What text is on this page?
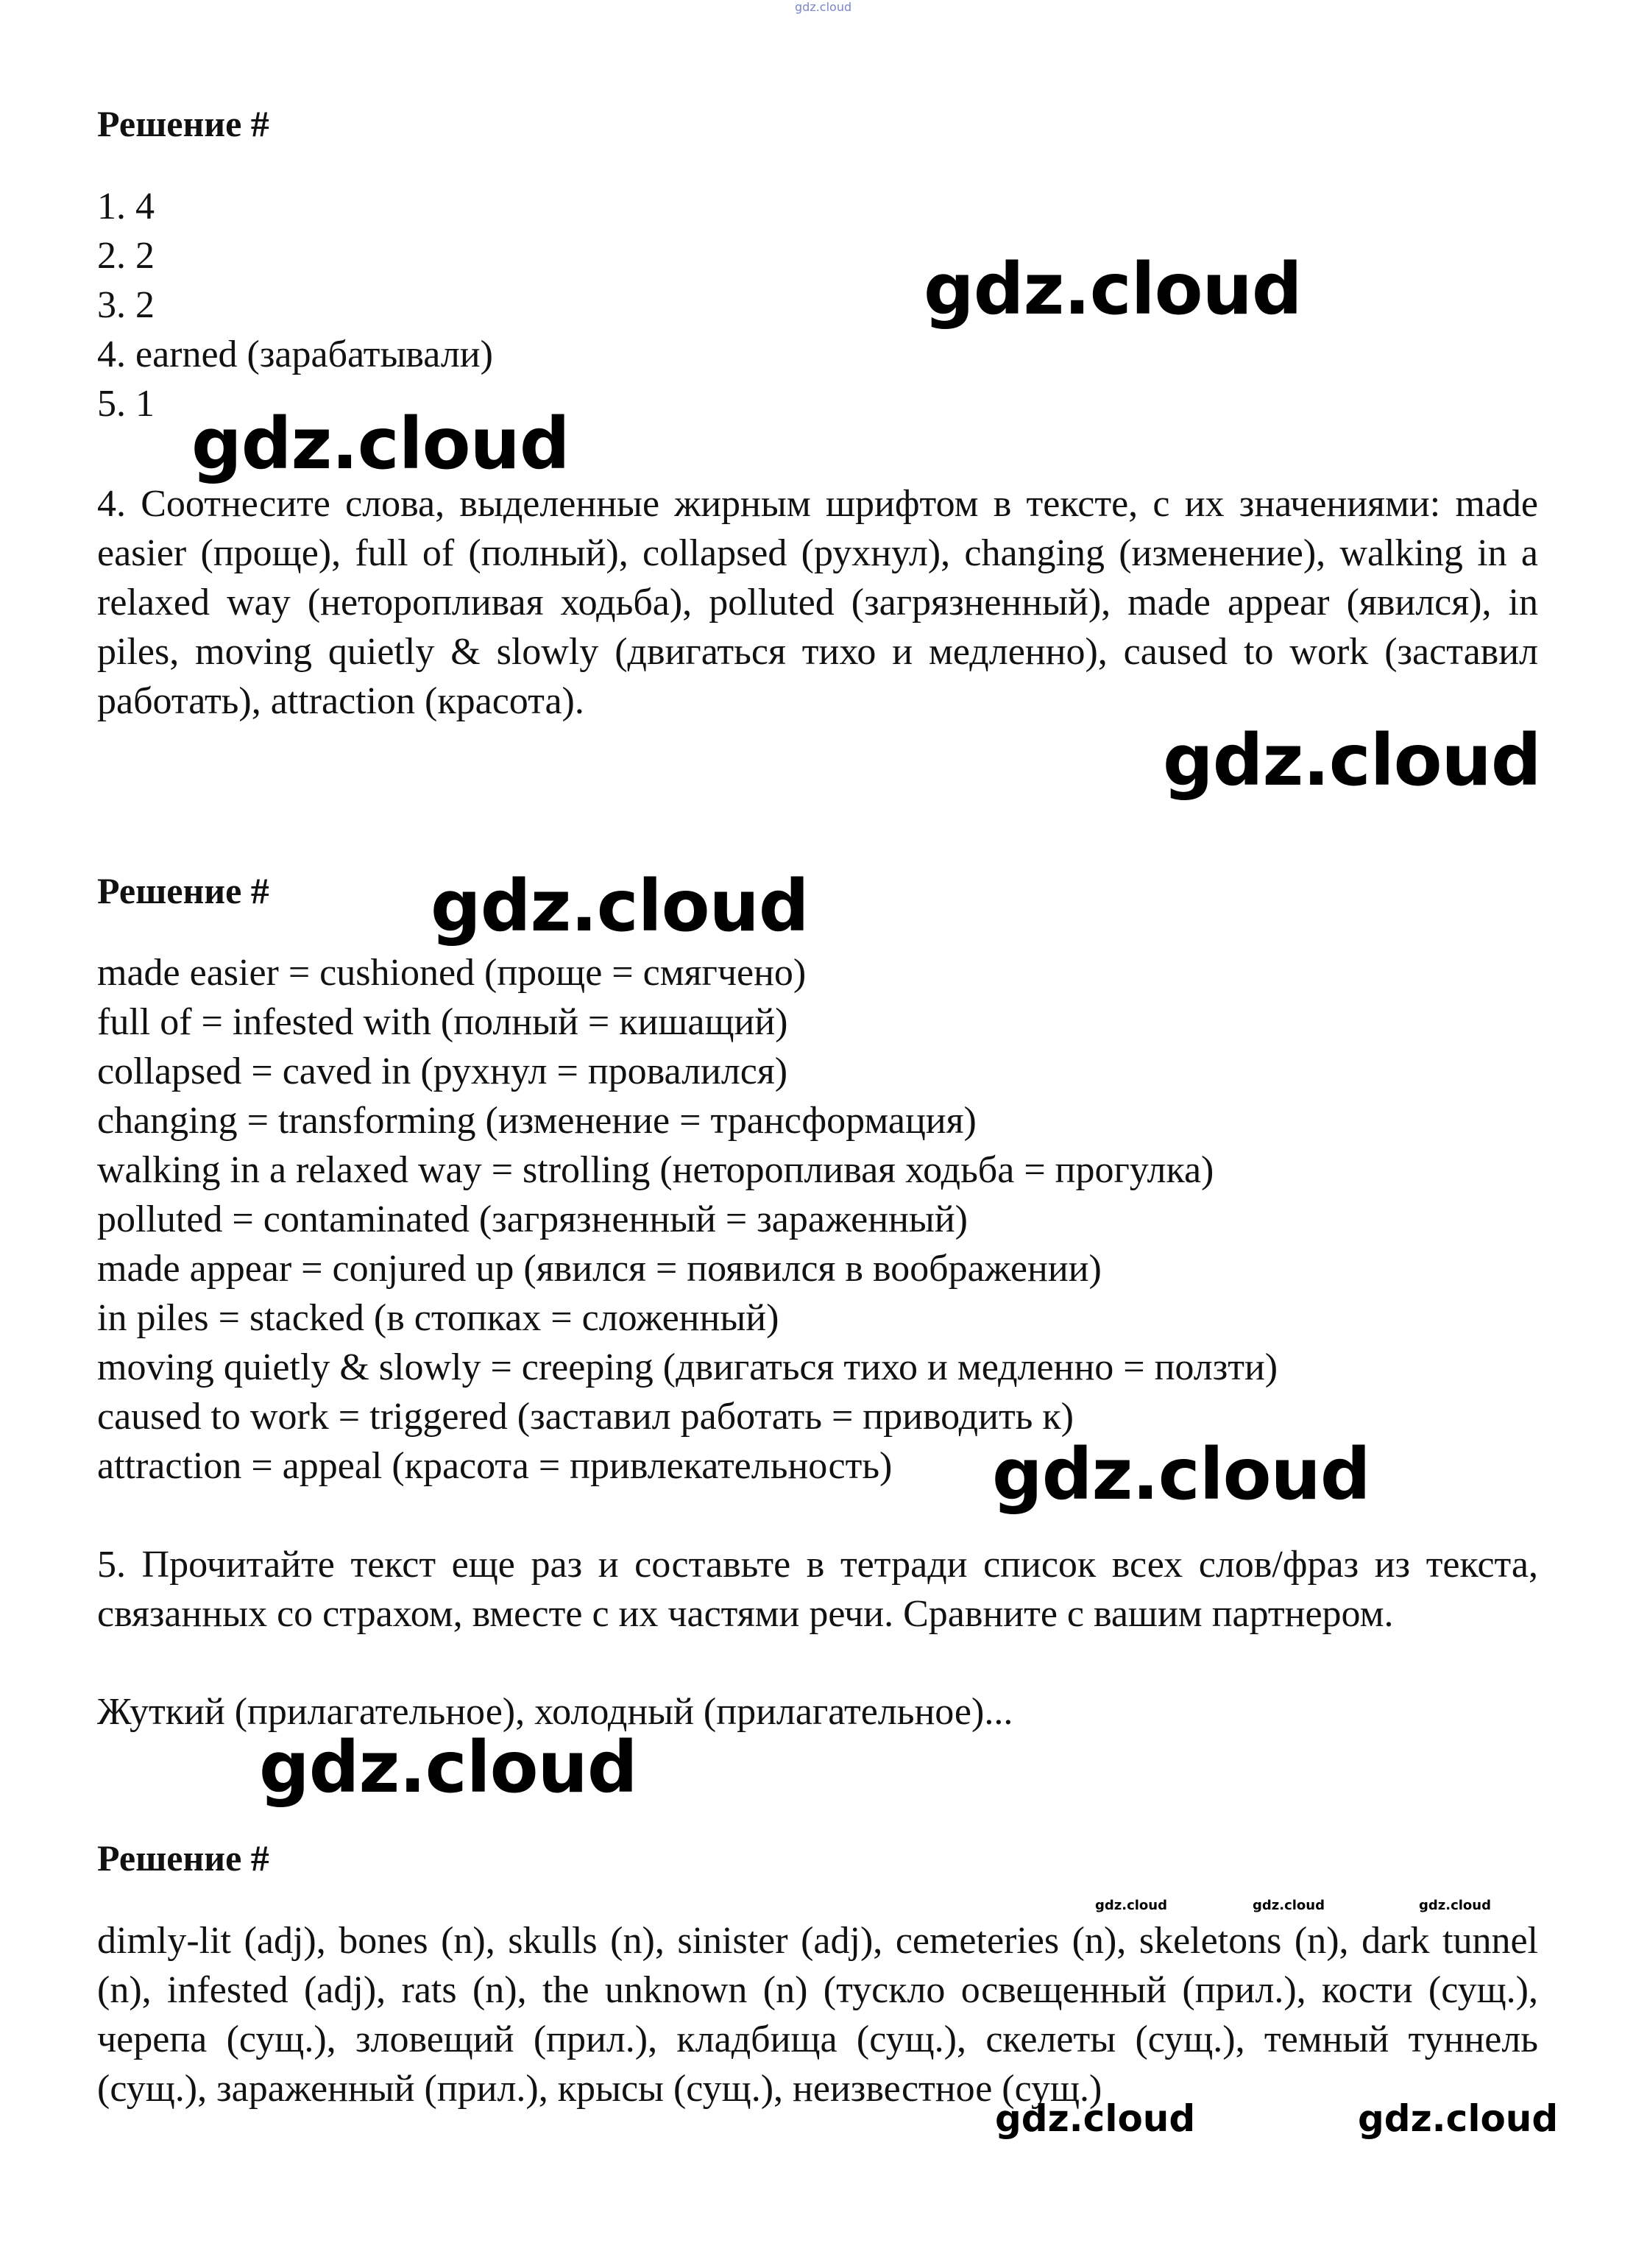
gdz.cloud
Решение #

1. 4

2. 2

3. 2

4. earned (зарабатывали)

5. 1

4. Соотнесите слова, выделенные жирным шрифтом в тексте, с их значениями: made easier (проще), full of (полный), collapsed (рухнул), changing (изменение), walking in a relaxed way (неторопливая ходьба), polluted (загрязненный), made appear (явился), in piles, moving quietly & slowly (двигаться тихо и медленно), caused to work (заставил работать), attraction (красота).

Решение #

made easier = cushioned (проще = смягчено)

full of = infested with (полный = кишащий)

collapsed = caved in (рухнул = провалился)

changing = transforming (изменение = трансформация)

walking in a relaxed way = strolling (неторопливая ходьба = прогулка)

polluted = contaminated (загрязненный = зараженный)

made appear = conjured up (явился = появился в воображении)

in piles = stacked (в стопках = сложенный)

moving quietly & slowly = creeping (двигаться тихо и медленно = ползти)

caused to work = triggered (заставил работать = приводить к)

attraction = appeal (красота = привлекательность)

5. Прочитайте текст еще раз и составьте в тетради список всех слов/фраз из текста, связанных со страхом, вместе с их частями речи. Сравните с вашим партнером.

Жуткий (прилагательное), холодный (прилагательное)...

Решение #

dimly-lit (adj), bones (n), skulls (n), sinister (adj), cemeteries (n), skeletons (n), dark tunnel (n), infested (adj), rats (n), the unknown (n) (тускло освещенный (прил.), кости (сущ.), черепа (сущ.), зловещий (прил.), кладбища (сущ.), скелеты (сущ.), темный туннель (сущ.), зараженный (прил.), крысы (сущ.), неизвестное (сущ.)

gdz.cloud
gdz.cloud
gdz.cloud
gdz.cloud
gdz.cloud
gdz.cloud
gdz.cloud	gdz.cloud	gdz.cloud
gdz.cloud	gdz.cloud
